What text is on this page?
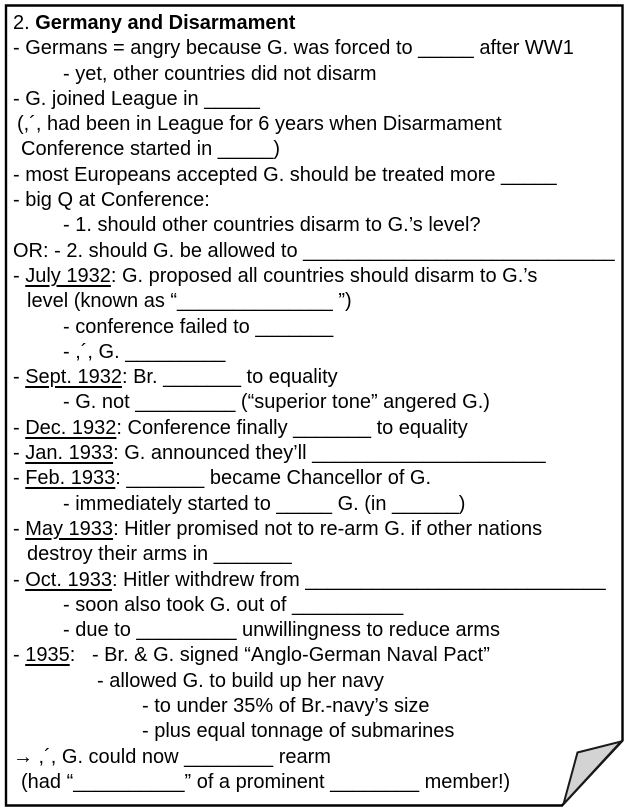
2. Germany and Disarmament
- Germans = angry because G. was forced to _____ after WW1
- yet, other countries did not disarm
- G. joined League in _____
(,´, had been in League for 6 years when Disarmament
Conference started in _____)
- most Europeans accepted G. should be treated more _____
- big Q at Conference:
- 1. should other countries disarm to G.’s level?
OR: - 2. should G. be allowed to ____________________________
- July 1932: G. proposed all countries should disarm to G.’s
level (known as “______________ ”)
- conference failed to _______
- ,´, G. _________
- Sept. 1932: Br. _______ to equality
- G. not _________ (“superior tone” angered G.)
- Dec. 1932: Conference finally _______ to equality
- Jan. 1933: G. announced they’ll _____________________
- Feb. 1933: _______ became Chancellor of G.
- immediately started to _____ G. (in ______)
- May 1933: Hitler promised not to re-arm G. if other nations
destroy their arms in _______
- Oct. 1933: Hitler withdrew from ___________________________
- soon also took G. out of __________
- due to _________ unwillingness to reduce arms
- 1935:   - Br. & G. signed “Anglo-German Naval Pact”
- allowed G. to build up her navy
- to under 35% of Br.-navy’s size
- plus equal tonnage of submarines
→ ,´, G. could now ________ rearm
(had “__________” of a prominent ________ member!)
